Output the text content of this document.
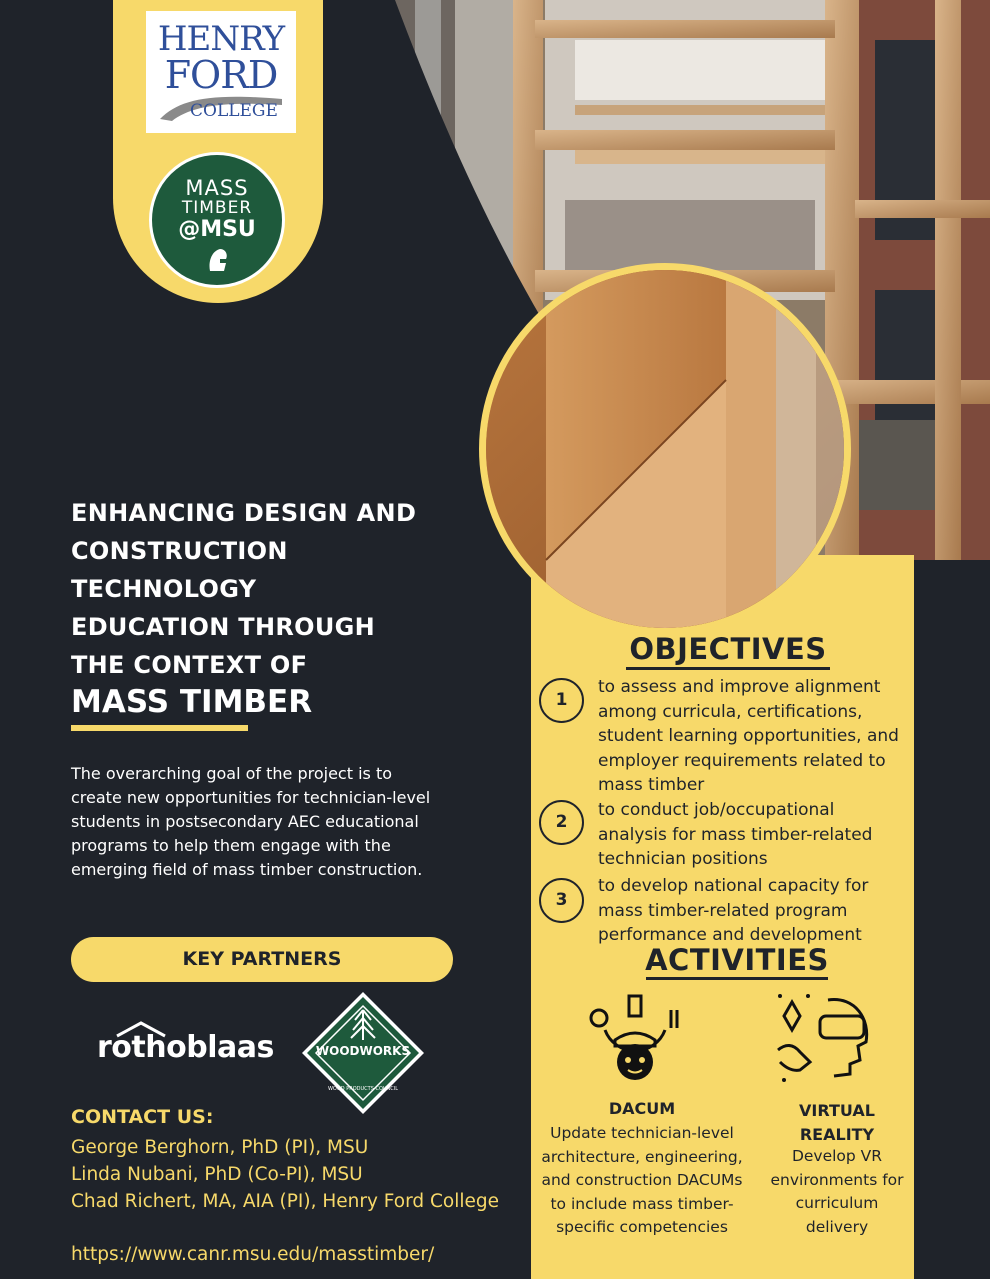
HENRY
FORD
COLLEGE
MASS
TIMBER
@MSU
ENHANCING DESIGN AND
CONSTRUCTION
TECHNOLOGY
EDUCATION THROUGH
THE CONTEXT OF
MASS TIMBER
The overarching goal of the project is to create new opportunities for technician-level students in postsecondary AEC educational programs to help them engage with the emerging field of mass timber construction.
KEY PARTNERS
rothoblaas
WOOD PRODUCTS COUNCIL
WOODWORKS
CONTACT US:
George Berghorn, PhD (PI), MSU
Linda Nubani, PhD (Co-PI), MSU
Chad Richert, MA, AIA (PI), Henry Ford College
https://www.canr.msu.edu/masstimber/
OBJECTIVES
1
to assess and improve alignment among curricula, certifications, student learning opportunities, and employer requirements related to mass timber
2
to conduct job/occupational analysis for mass timber-related technician positions
3
to develop national capacity for mass timber-related program performance and development
ACTIVITIES
DACUM
Update technician-level architecture, engineering, and construction DACUMs to include mass timber-specific competencies
VIRTUAL REALITY
Develop VR environments for curriculum delivery
